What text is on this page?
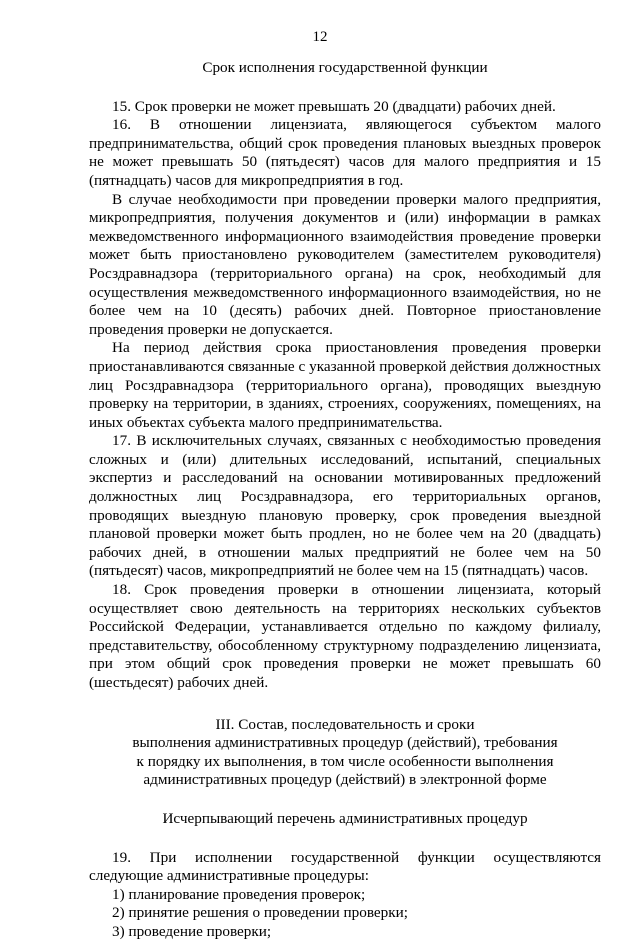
12
Срок исполнения государственной функции

15. Срок проверки не может превышать 20 (двадцати) рабочих дней.

16. В отношении лицензиата, являющегося субъектом малого предпринимательства, общий срок проведения плановых выездных проверок не может превышать 50 (пятьдесят) часов для малого предприятия и 15 (пятнадцать) часов для микропредприятия в год.

В случае необходимости при проведении проверки малого предприятия, микропредприятия, получения документов и (или) информации в рамках межведомственного информационного взаимодействия проведение проверки может быть приостановлено руководителем (заместителем руководителя) Росздравнадзора (территориального органа) на срок, необходимый для осуществления межведомственного информационного взаимодействия, но не более чем на 10 (десять) рабочих дней. Повторное приостановление проведения проверки не допускается.

На период действия срока приостановления проведения проверки приостанавливаются связанные с указанной проверкой действия должностных лиц Росздравнадзора (территориального органа), проводящих выездную проверку на территории, в зданиях, строениях, сооружениях, помещениях, на иных объектах субъекта малого предпринимательства.

17. В исключительных случаях, связанных с необходимостью проведения сложных и (или) длительных исследований, испытаний, специальных экспертиз и расследований на основании мотивированных предложений должностных лиц Росздравнадзора, его территориальных органов, проводящих выездную плановую проверку, срок проведения выездной плановой проверки может быть продлен, но не более чем на 20 (двадцать) рабочих дней, в отношении малых предприятий не более чем на 50 (пятьдесят) часов, микропредприятий не более чем на 15 (пятнадцать) часов.

18. Срок проведения проверки в отношении лицензиата, который осуществляет свою деятельность на территориях нескольких субъектов Российской Федерации, устанавливается отдельно по каждому филиалу, представительству, обособленному структурному подразделению лицензиата, при этом общий срок проведения проверки не может превышать 60 (шестьдесят) рабочих дней.

III. Состав, последовательность и сроки
выполнения административных процедур (действий), требования
к порядку их выполнения, в том числе особенности выполнения
административных процедур (действий) в электронной форме
Исчерпывающий перечень административных процедур

19. При исполнении государственной функции осуществляются следующие административные процедуры:

1) планирование проведения проверок;

2) принятие решения о проведении проверки;

3) проведение проверки;
